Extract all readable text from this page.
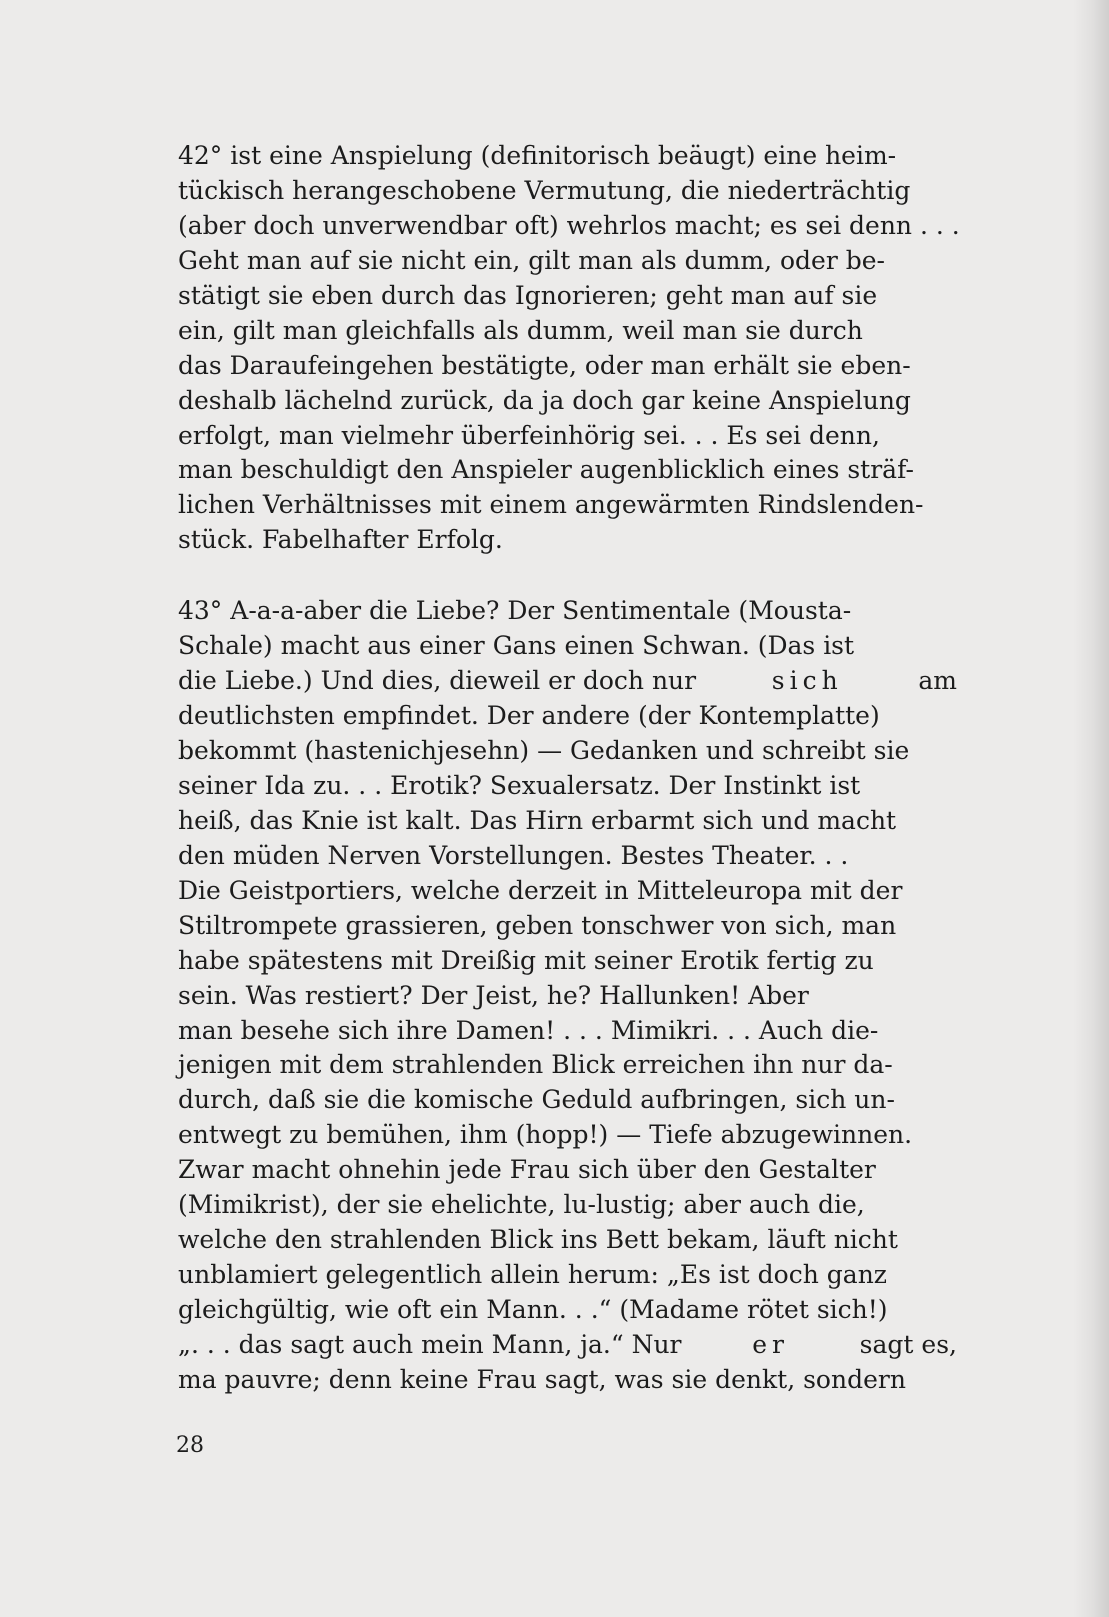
42° ist eine Anspielung (definitorisch beäugt) eine heim-
tückisch herangeschobene Vermutung, die niederträchtig
(aber doch unverwendbar oft) wehrlos macht; es sei denn . . .
Geht man auf sie nicht ein, gilt man als dumm, oder be-
stätigt sie eben durch das Ignorieren; geht man auf sie
ein, gilt man gleichfalls als dumm, weil man sie durch
das Daraufeingehen bestätigte, oder man erhält sie eben-
deshalb lächelnd zurück, da ja doch gar keine Anspielung
erfolgt, man vielmehr überfeinhörig sei. . . Es sei denn,
man beschuldigt den Anspieler augenblicklich eines sträf-
lichen Verhältnisses mit einem angewärmten Rindslenden-
stück. Fabelhafter Erfolg.
43° A-a-a-aber die Liebe? Der Sentimentale (Mousta-
Schale) macht aus einer Gans einen Schwan. (Das ist
die Liebe.) Und dies, dieweil er doch nur	sich	am
deutlichsten empfindet. Der andere (der Kontemplatte)
bekommt (hastenichjesehn) — Gedanken und schreibt sie
seiner Ida zu. . . Erotik? Sexualersatz. Der Instinkt ist
heiß, das Knie ist kalt. Das Hirn erbarmt sich und macht
den müden Nerven Vorstellungen. Bestes Theater. . .
Die Geistportiers, welche derzeit in Mitteleuropa mit der
Stiltrompete grassieren, geben tonschwer von sich, man
habe spätestens mit Dreißig mit seiner Erotik fertig zu
sein. Was restiert? Der Jeist, he? Hallunken! Aber
man besehe sich ihre Damen! . . . Mimikri. . . Auch die-
jenigen mit dem strahlenden Blick erreichen ihn nur da-
durch, daß sie die komische Geduld aufbringen, sich un-
entwegt zu bemühen, ihm (hopp!) — Tiefe abzugewinnen.
Zwar macht ohnehin jede Frau sich über den Gestalter
(Mimikrist), der sie ehelichte, lu-lustig; aber auch die,
welche den strahlenden Blick ins Bett bekam, läuft nicht
unblamiert gelegentlich allein herum: „Es ist doch ganz
gleichgültig, wie oft ein Mann. . .“ (Madame rötet sich!)
„. . . das sagt auch mein Mann, ja.“ Nur	er	sagt es,
ma pauvre; denn keine Frau sagt, was sie denkt, sondern
28
